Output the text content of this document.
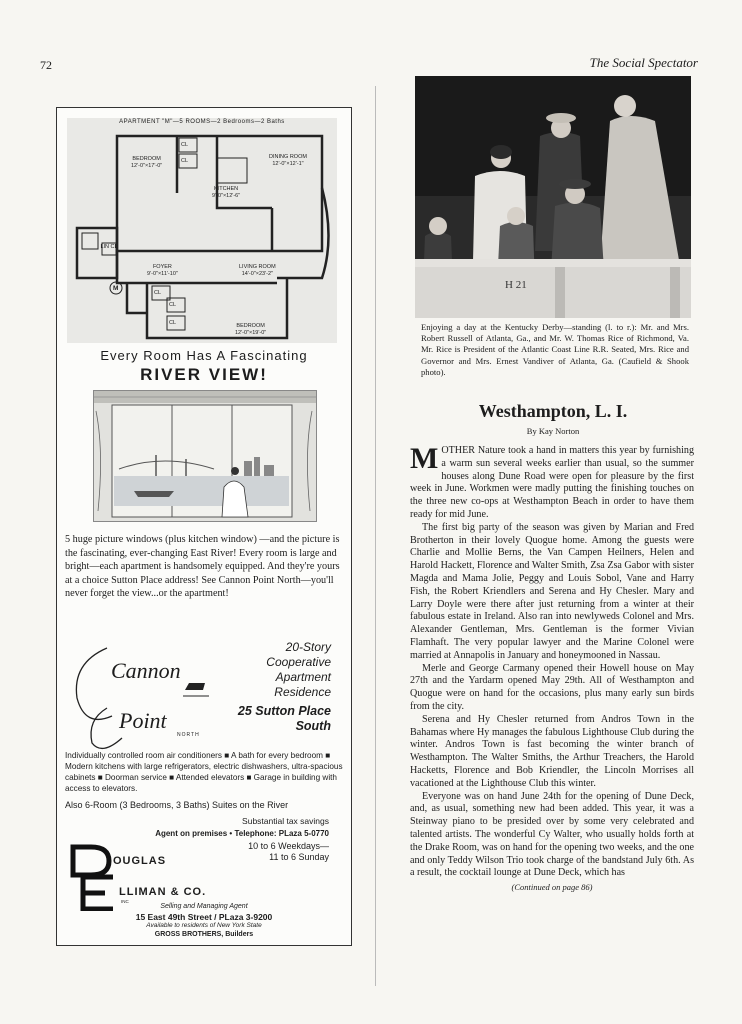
72	The Social Spectator
APARTMENT "M"—5 ROOMS—2 Bedrooms—2 Baths
BEDROOM
12'-0"×17'-0"
DINING ROOM
12'-0"×12'-1"
KITCHEN
9'-0"×12'-6"
FOYER
9'-0"×11'-10"
LIVING ROOM
14'-0"×23'-2"
BEDROOM
12'-0"×19'-0"
CL
CL
LIN CL
CL
CL
CL
M
Every Room Has A Fascinating
RIVER VIEW!
5 huge picture windows (plus kitchen window) —and the picture is the fascinating, ever-changing East River! Every room is large and bright—each apartment is handsomely equipped. And they're yours at a choice Sutton Place address! See Cannon Point North—you'll never forget the view...or the apartment!
Cannon
Point
NORTH
20-Story Cooperative Apartment Residence
25 Sutton Place South
Individually controlled room air conditioners ■ A bath for every bedroom ■ Modern kitchens with large refrigerators, electric dishwashers, ultra-spacious cabinets ■ Doorman service ■ Attended elevators ■ Garage in building with access to elevators.
Also 6-Room (3 Bedrooms, 3 Baths) Suites on the River
Substantial tax savings
Agent on premises • Telephone: PLaza 5-0770
10 to 6 Weekdays—
11 to 6 Sunday
OUGLAS
LLIMAN & CO.
INC
Selling and Managing Agent
15 East 49th Street / PLaza 3-9200
Available to residents of New York State
GROSS BROTHERS, Builders
H 21
Enjoying a day at the Kentucky Derby—standing (l. to r.): Mr. and Mrs. Robert Russell of Atlanta, Ga., and Mr. W. Thomas Rice of Richmond, Va. Mr. Rice is President of the Atlantic Coast Line R.R. Seated, Mrs. Rice and Governor and Mrs. Ernest Vandiver of Atlanta, Ga. (Caufield & Shook photo).
Westhampton, L. I.
By Kay Norton

MOTHER Nature took a hand in matters this year by furnishing a warm sun several weeks earlier than usual, so the summer houses along Dune Road were open for pleasure by the first week in June. Workmen were madly putting the finishing touches on the three new co-ops at Westhampton Beach in order to have them ready for mid June.

The first big party of the season was given by Marian and Fred Brotherton in their lovely Quogue home. Among the guests were Charlie and Mollie Berns, the Van Campen Heilners, Helen and Harold Hackett, Florence and Walter Smith, Zsa Zsa Gabor with sister Magda and Mama Jolie, Peggy and Louis Sobol, Vane and Harry Fish, the Robert Kriendlers and Serena and Hy Chesler. Mary and Larry Doyle were there after just returning from a winter at their fabulous estate in Ireland. Also ran into newlyweds Colonel and Mrs. Alexander Gentleman, Mrs. Gentleman is the former Vivian Flamhaft. The very popular lawyer and the Marine Colonel were married at Annapolis in January and honeymooned in Nassau.

Merle and George Carmany opened their Howell house on May 27th and the Yardarm opened May 29th. All of Westhampton and Quogue were on hand for the occasions, plus many early sun birds from the city.

Serena and Hy Chesler returned from Andros Town in the Bahamas where Hy manages the fabulous Lighthouse Club during the winter. Andros Town is fast becoming the winter branch of Westhampton. The Walter Smiths, the Arthur Treachers, the Harold Hacketts, Florence and Bob Kriendler, the Lincoln Morrises all vacationed at the Lighthouse Club this winter.

Everyone was on hand June 24th for the opening of Dune Deck, and, as usual, something new had been added. This year, it was a Steinway piano to be presided over by some very celebrated and talented artists. The wonderful Cy Walter, who usually holds forth at the Drake Room, was on hand for the opening two weeks, and the one and only Teddy Wilson Trio took charge of the bandstand July 6th. As a result, the cocktail lounge at Dune Deck, which has

(Continued on page 86)
